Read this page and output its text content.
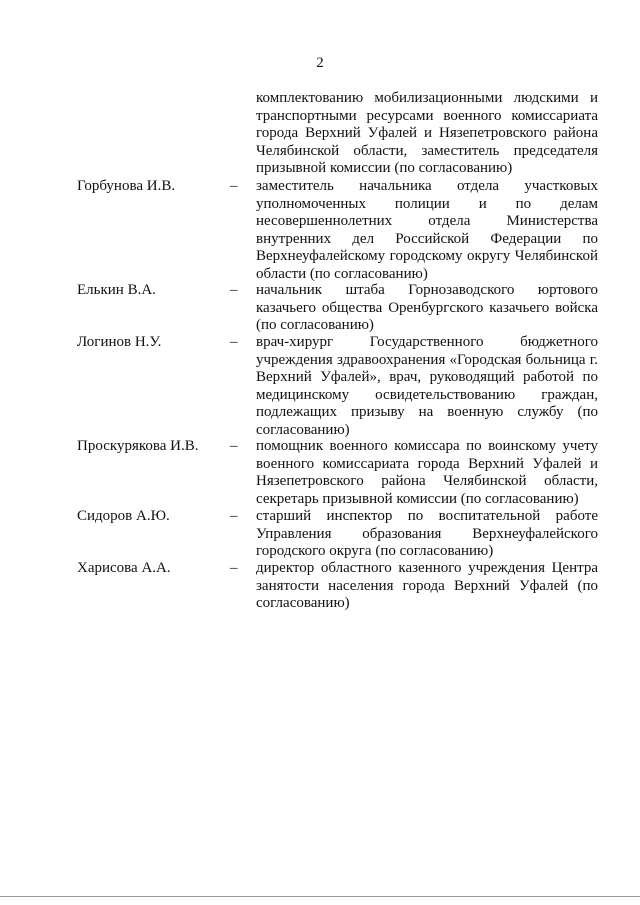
2
комплектованию мобилизационными людскими и транспортными ресурсами военного комиссариата города Верхний Уфалей и Нязепетровского района Челябинской области, заместитель председателя призывной комиссии (по согласованию)
Горбунова И.В.	– заместитель начальника отдела участковых уполномоченных полиции и по делам несовершеннолетних отдела Министерства внутренних дел Российской Федерации по Верхнеуфалейскому городскому округу Челябинской области (по согласованию)
Елькин В.А.	– начальник штаба Горнозаводского юртового казачьего общества Оренбургского казачьего войска (по согласованию)
Логинов Н.У.	– врач-хирург Государственного бюджетного учреждения здравоохранения «Городская больница г. Верхний Уфалей», врач, руководящий работой по медицинскому освидетельствованию граждан, подлежащих призыву на военную службу (по согласованию)
Проскурякова И.В. – помощник военного комиссара по воинскому учету военного комиссариата города Верхний Уфалей и Нязепетровского района Челябинской области, секретарь призывной комиссии (по согласованию)
Сидоров А.Ю.	– старший инспектор по воспитательной работе Управления образования Верхнеуфалейского городского округа (по согласованию)
Харисова А.А.	– директор областного казенного учреждения Центра занятости населения города Верхний Уфалей (по согласованию)
